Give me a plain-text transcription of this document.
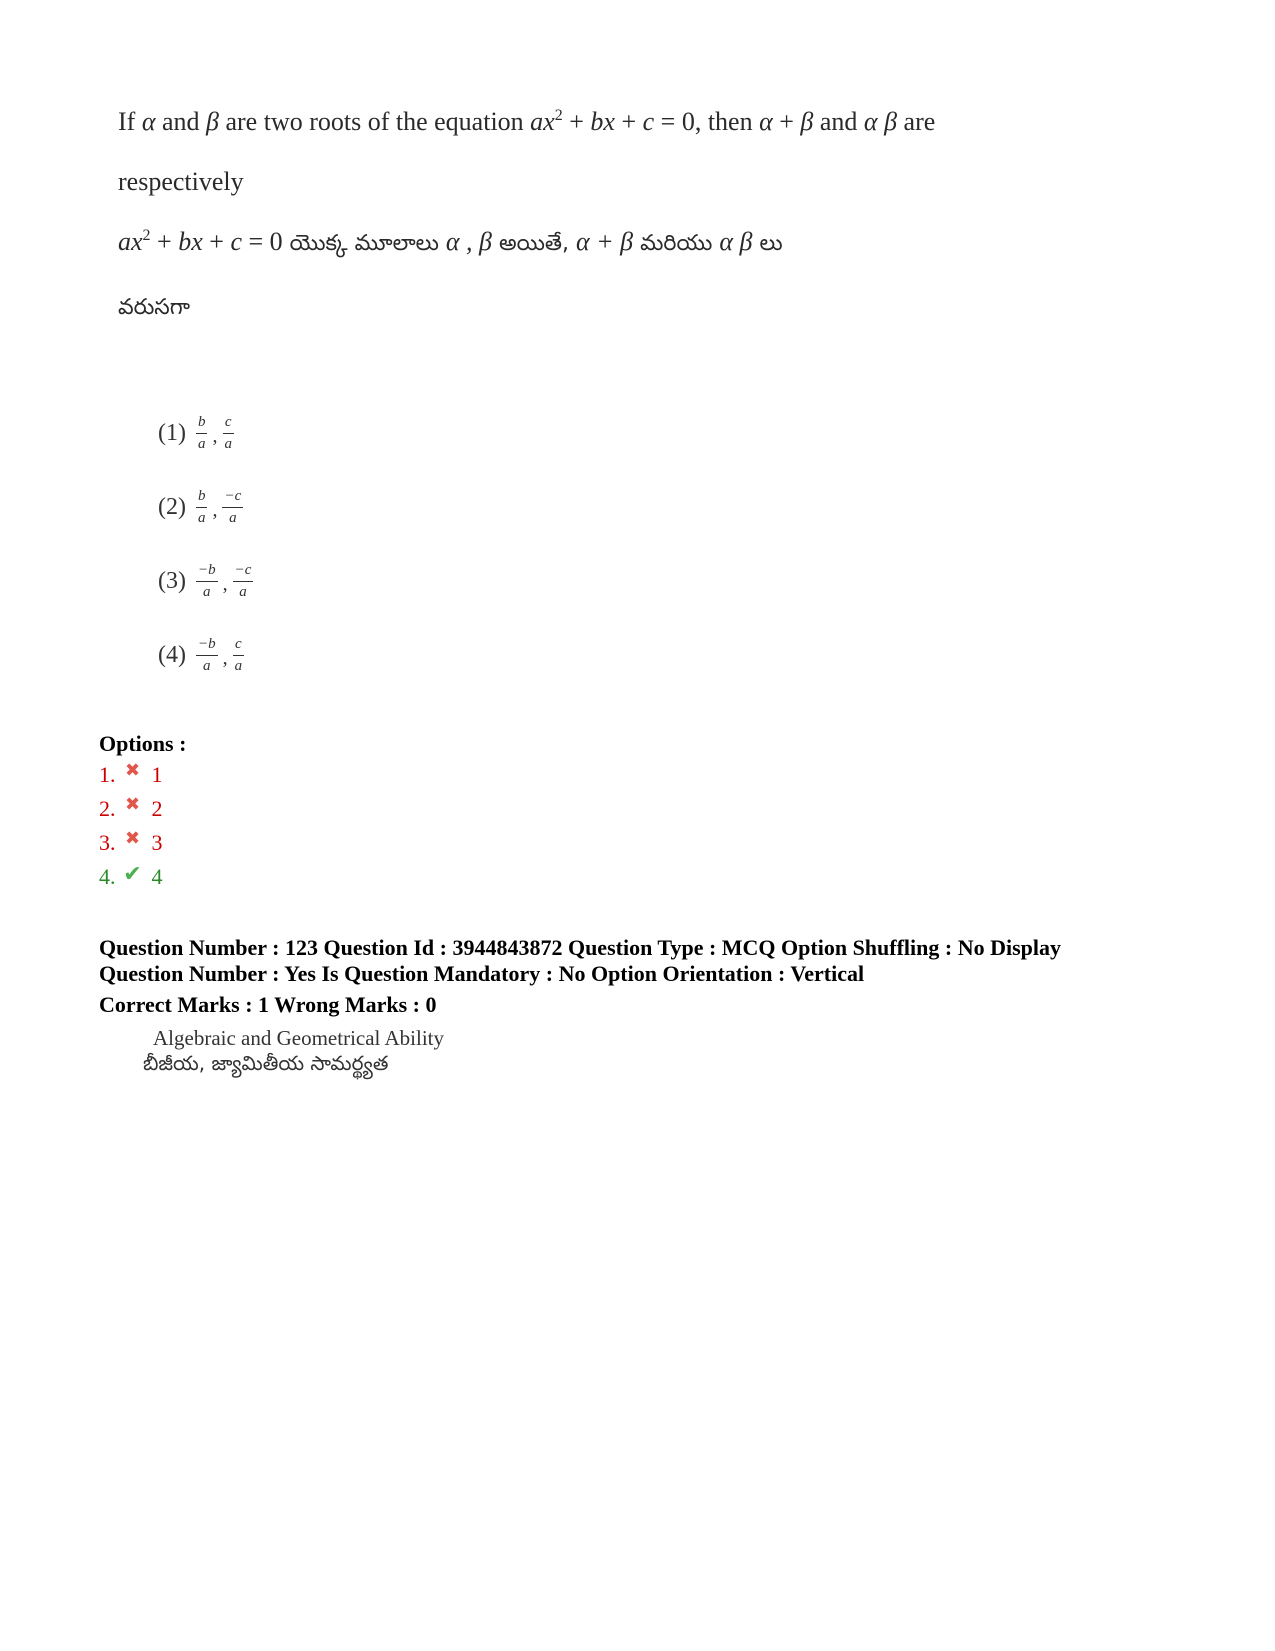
If α and β are two roots of the equation $ax^2$ + bx + c = 0, then α + β and α β are
respectively
$ax^2$ + bx + c = 0 యొక్క మూలాలు α , β అయితే, α + β మరియు α β లు
వరుసగా
$(1) \frac{b}{a}$ , $\frac{c}{a}$
$(2) \frac{b}{a}$ , $\frac{-c}{a}$
$(3) \frac{-b}{a}$ , $\frac{-c}{a}$
$(4) \frac{-b}{a}$ , $\frac{c}{a}$
Options :
1. ✖ 1
2. ✖ 2
3. ✖ 3
4. ✔ 4
Question Number : 123 Question Id : 3944843872 Question Type : MCQ Option Shuffling : No Display
Question Number : Yes Is Question Mandatory : No Option Orientation : Vertical
Correct Marks : 1 Wrong Marks : 0
Algebraic and Geometrical Ability
బీజీయ, జ్యామితీయ సామర్థ్యత
